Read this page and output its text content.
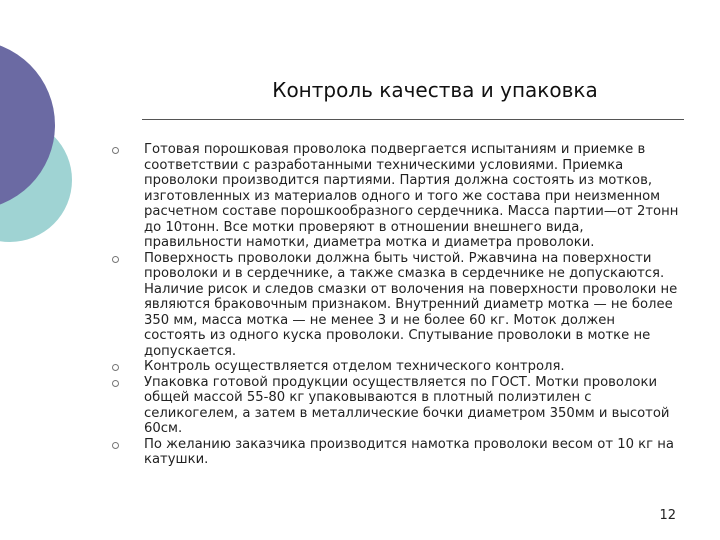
Контроль качества и упаковка
Готовая порошковая проволока подвергается испытаниям и приемке в соответствии с разработанными техническими условиями. Приемка проволоки производится партиями. Партия должна состоять из мотков, изготовленных из материалов одного и того же состава при неизменном расчетном составе порошкообразного сердечника. Масса партии—от 2тонн до 10тонн. Все мотки проверяют в отношении внешнего вида, правильности намотки, диаметра мотка и диаметра проволоки.
Поверхность проволоки должна быть чистой. Ржавчина на поверхности проволоки и в сердечнике, а также смазка в сердечнике не допускаются. Наличие рисок и следов смазки от волочения на поверхности проволоки не являются браковочным признаком. Внутренний диаметр мотка — не более 350 мм, масса мотка — не менее 3 и не более 60 кг. Моток должен состоять из одного куска проволоки. Спутывание проволоки в мотке не допускается.
Контроль осуществляется отделом технического контроля.
Упаковка готовой продукции осуществляется по ГОСТ. Мотки проволоки общей массой 55-80 кг упаковываются в плотный полиэтилен с селикогелем, а затем в металлические бочки диаметром 350мм и высотой 60см.
По желанию заказчика производится намотка проволоки весом от 10 кг на катушки.
12
